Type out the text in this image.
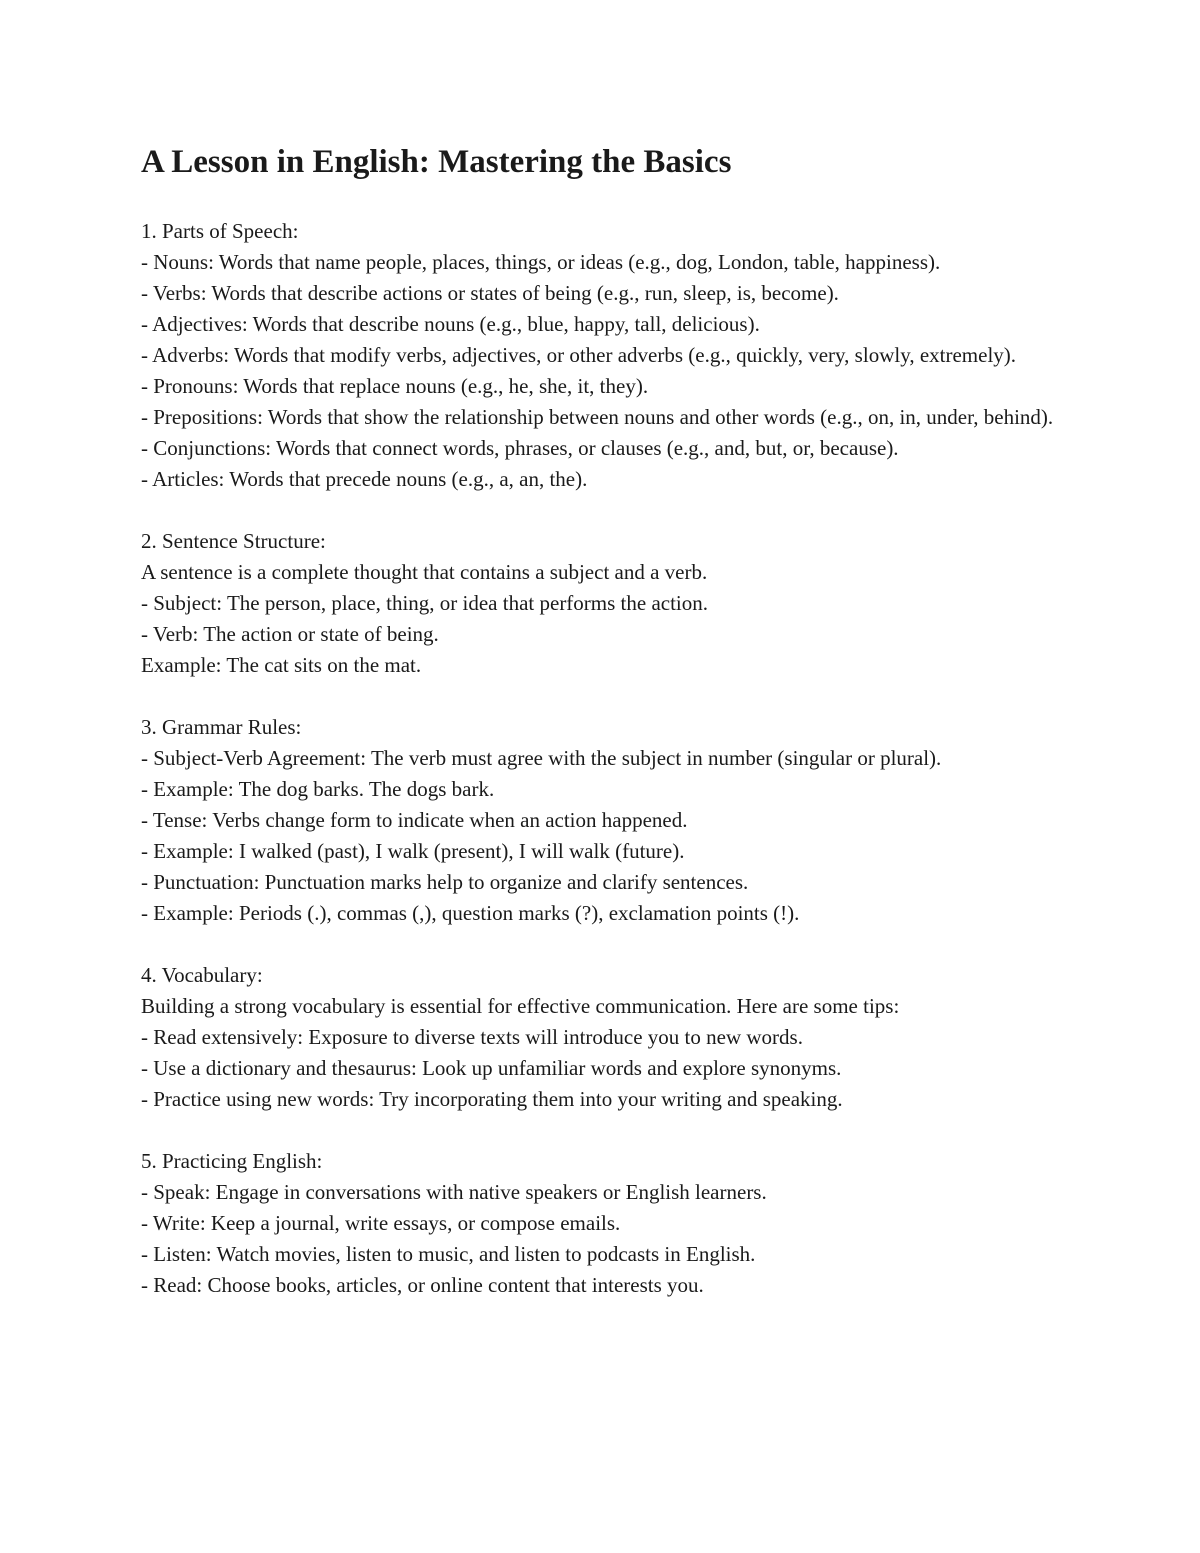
A Lesson in English: Mastering the Basics
1. Parts of Speech:
- Nouns: Words that name people, places, things, or ideas (e.g., dog, London, table, happiness).
- Verbs: Words that describe actions or states of being (e.g., run, sleep, is, become).
- Adjectives: Words that describe nouns (e.g., blue, happy, tall, delicious).
- Adverbs: Words that modify verbs, adjectives, or other adverbs (e.g., quickly, very, slowly, extremely).
- Pronouns: Words that replace nouns (e.g., he, she, it, they).
- Prepositions: Words that show the relationship between nouns and other words (e.g., on, in, under, behind).
- Conjunctions: Words that connect words, phrases, or clauses (e.g., and, but, or, because).
- Articles: Words that precede nouns (e.g., a, an, the).
2. Sentence Structure:
A sentence is a complete thought that contains a subject and a verb.
- Subject: The person, place, thing, or idea that performs the action.
- Verb: The action or state of being.
Example: The cat sits on the mat.
3. Grammar Rules:
- Subject-Verb Agreement: The verb must agree with the subject in number (singular or plural).
- Example: The dog barks. The dogs bark.
- Tense: Verbs change form to indicate when an action happened.
- Example: I walked (past), I walk (present), I will walk (future).
- Punctuation: Punctuation marks help to organize and clarify sentences.
- Example: Periods (.), commas (,), question marks (?), exclamation points (!).
4. Vocabulary:
Building a strong vocabulary is essential for effective communication. Here are some tips:
- Read extensively: Exposure to diverse texts will introduce you to new words.
- Use a dictionary and thesaurus: Look up unfamiliar words and explore synonyms.
- Practice using new words: Try incorporating them into your writing and speaking.
5. Practicing English:
- Speak: Engage in conversations with native speakers or English learners.
- Write: Keep a journal, write essays, or compose emails.
- Listen: Watch movies, listen to music, and listen to podcasts in English.
- Read: Choose books, articles, or online content that interests you.
